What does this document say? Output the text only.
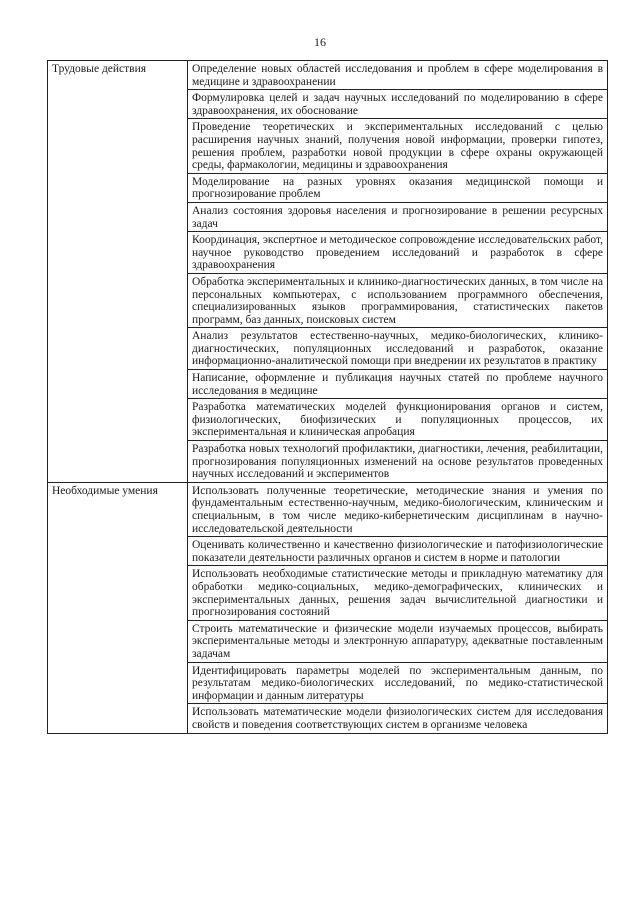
16
Трудовые действия	Определение новых областей исследования и проблем в сфере моделирования в медицине и здравоохранении
	Формулировка целей и задач научных исследований по моделированию в сфере здравоохранения, их обоснование
	Проведение теоретических и экспериментальных исследований с целью расширения научных знаний, получения новой информации, проверки гипотез, решения проблем, разработки новой продукции в сфере охраны окружающей среды, фармакологии, медицины и здравоохранения
	Моделирование на разных уровнях оказания медицинской помощи и прогнозирование проблем
	Анализ состояния здоровья населения и прогнозирование в решении ресурсных задач
	Координация, экспертное и методическое сопровождение исследовательских работ, научное руководство проведением исследований и разработок в сфере здравоохранения
	Обработка экспериментальных и клинико-диагностических данных, в том числе на персональных компьютерах, с использованием программного обеспечения, специализированных языков программирования, статистических пакетов программ, баз данных, поисковых систем
	Анализ результатов естественно-научных, медико-биологических, клинико-диагностических, популяционных исследований и разработок, оказание информационно-аналитической помощи при внедрении их результатов в практику
	Написание, оформление и публикация научных статей по проблеме научного исследования в медицине
	Разработка математических моделей функционирования органов и систем, физиологических, биофизических и популяционных процессов, их экспериментальная и клиническая апробация
	Разработка новых технологий профилактики, диагностики, лечения, реабилитации, прогнозирования популяционных изменений на основе результатов проведенных научных исследований и экспериментов
Необходимые умения	Использовать полученные теоретические, методические знания и умения по фундаментальным естественно-научным, медико-биологическим, клиническим и специальным, в том числе медико-кибернетическим дисциплинам в научно-исследовательской деятельности
	Оценивать количественно и качественно физиологические и патофизиологические показатели деятельности различных органов и систем в норме и патологии
	Использовать необходимые статистические методы и прикладную математику для обработки медико-социальных, медико-демографических, клинических и экспериментальных данных, решения задач вычислительной диагностики и прогнозирования состояний
	Строить математические и физические модели изучаемых процессов, выбирать экспериментальные методы и электронную аппаратуру, адекватные поставленным задачам
	Идентифицировать параметры моделей по экспериментальным данным, по результатам медико-биологических исследований, по медико-статистической информации и данным литературы
	Использовать математические модели физиологических систем для исследования свойств и поведения соответствующих систем в организме человека
